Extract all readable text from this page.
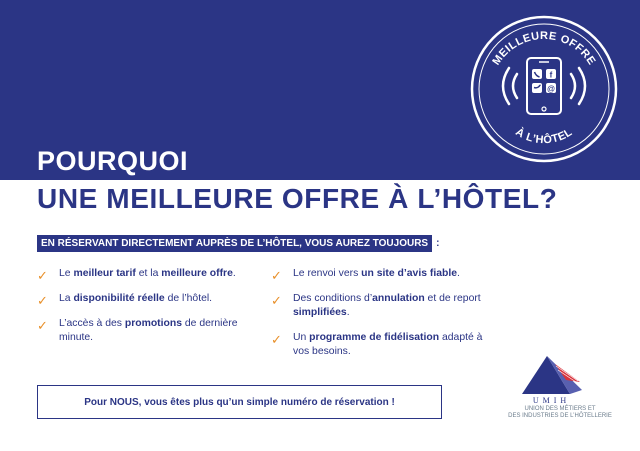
POURQUOI
UNE MEILLEURE OFFRE À L’HÔTEL?
MEILLEURE OFFRE
À L’HÔTEL
f
@
EN RÉSERVANT DIRECTEMENT AUPRÈS DE L’HÔTEL, VOUS AUREZ TOUJOURS :
✓ Le meilleur tarif et la meilleure offre.
✓ La disponibilité réelle de l’hôtel.
✓ L’accès à des promotions de dernière minute.
✓ Le renvoi vers un site d’avis fiable.
✓ Des conditions d’annulation et de report simplifiées.
✓ Un programme de fidélisation adapté à vos besoins.
Pour NOUS, vous êtes plus qu’un simple numéro de réservation !	U M I H
UNION DES MÉTIERS ET
DES INDUSTRIES DE L’HÔTELLERIE
